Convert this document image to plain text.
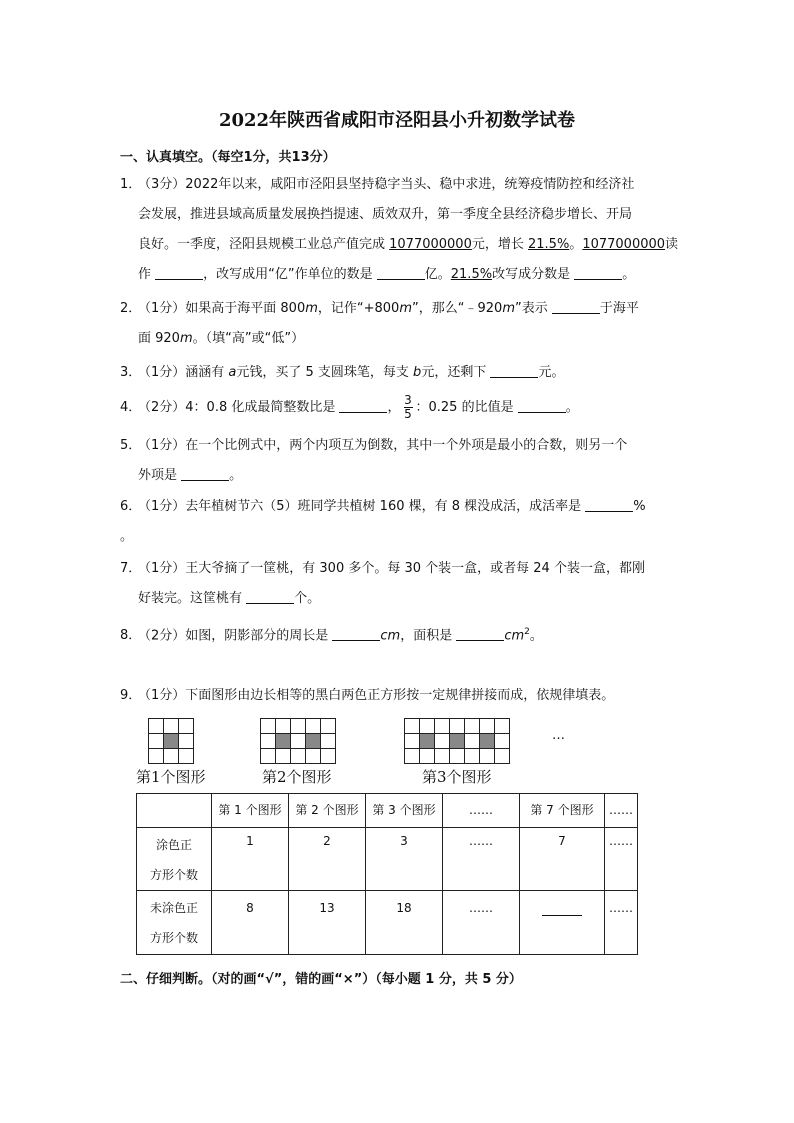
2022年陕西省咸阳市泾阳县小升初数学试卷
一、认真填空。（每空1分，共13分）
1．（3分）2022年以来，咸阳市泾阳县坚持稳字当头、稳中求进，统筹疫情防控和经济社
会发展，推进县域高质量发展换挡提速、质效双升，第一季度全县经济稳步增长、开局
良好。一季度，泾阳县规模工业总产值完成 1077000000元，增长 21.5%。1077000000读
作	，改写成用“亿”作单位的数是	亿。21.5%改写成分数是	。
2．（1分）如果高于海平面 800m，记作“+800m”，那么“﹣920m”表示	于海平
面 920m。（填“高”或“低”）
3．（1分）涵涵有 a元钱，买了 5 支圆珠笔，每支 b元，还剩下	元。
4．（2分）4：0.8 化成最简整数比是	， $\frac{3}{5}$ ：0.25 的比值是	。
5．（1分）在一个比例式中，两个内项互为倒数，其中一个外项是最小的合数，则另一个
外项是	。
6．（1分）去年植树节六（5）班同学共植树 160 棵，有 8 棵没成活，成活率是	%
。
7．（1分）王大爷摘了一筐桃，有 300 多个。每 30 个装一盒，或者每 24 个装一盒，都刚
好装完。这筐桃有	个。
8．（2分）如图，阴影部分的周长是	cm，面积是	$cm^2$。
9．（1分）下面图形由边长相等的黑白两色正方形按一定规律拼接而成，依规律填表。
…
第1个图形	第2个图形	第3个图形
	第 1 个图形	第 2 个图形	第 3 个图形	……	第 7 个图形	……

涂色正
方形个数	1	2	3	……	7	……

未涂色正
方形个数	8	13	18	……		……
二、仔细判断。（对的画“√”，错的画“×”）（每小题 1 分，共 5 分）
